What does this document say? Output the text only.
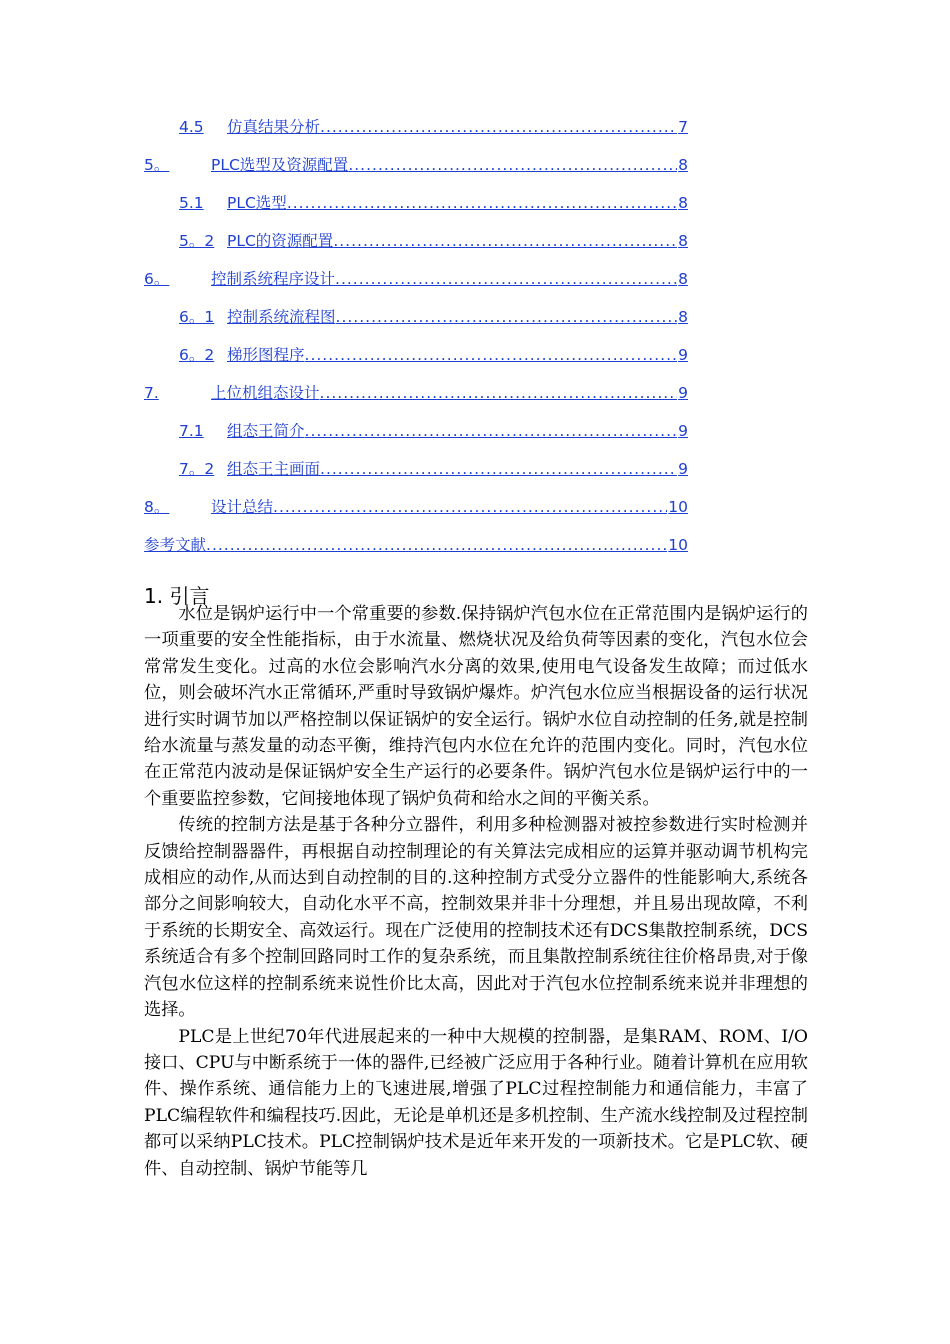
4.5	仿真结果分析 .....	7
5。	PLC选型及资源配置 .....	8
5.1	PLC选型 .....	8
5。2 PLC的资源配置 .....	8
6。	控制系统程序设计 .....	8
6。1 控制系统流程图 .....	8
6。2 梯形图程序 .....	9
7.	上位机组态设计 .....	9
7.1	组态王简介 .....	9
7。2 组态王主画面 .....	9
8。	设计总结 .....	10
参考文献 .....	10
1. 引言

水位是锅炉运行中一个常重要的参数.保持锅炉汽包水位在正常范围内是锅炉运行的一项重要的安全性能指标，由于水流量、燃烧状况及给负荷等因素的变化，汽包水位会常常发生变化。过高的水位会影响汽水分离的效果,使用电气设备发生故障；而过低水位，则会破坏汽水正常循环,严重时导致锅炉爆炸。炉汽包水位应当根据设备的运行状况进行实时调节加以严格控制以保证锅炉的安全运行。锅炉水位自动控制的任务,就是控制给水流量与蒸发量的动态平衡，维持汽包内水位在允许的范围内变化。同时，汽包水位在正常范内波动是保证锅炉安全生产运行的必要条件。锅炉汽包水位是锅炉运行中的一个重要监控参数，它间接地体现了锅炉负荷和给水之间的平衡关系。

传统的控制方法是基于各种分立器件，利用多种检测器对被控参数进行实时检测并反馈给控制器器件，再根据自动控制理论的有关算法完成相应的运算并驱动调节机构完成相应的动作,从而达到自动控制的目的.这种控制方式受分立器件的性能影响大,系统各部分之间影响较大，自动化水平不高，控制效果并非十分理想，并且易出现故障，不利于系统的长期安全、高效运行。现在广泛使用的控制技术还有DCS集散控制系统，DCS系统适合有多个控制回路同时工作的复杂系统，而且集散控制系统往往价格昂贵,对于像汽包水位这样的控制系统来说性价比太高，因此对于汽包水位控制系统来说并非理想的选择。

PLC是上世纪70年代进展起来的一种中大规模的控制器，是集RAM、ROM、I/O接口、CPU与中断系统于一体的器件,已经被广泛应用于各种行业。随着计算机在应用软件、操作系统、通信能力上的飞速进展,增强了PLC过程控制能力和通信能力，丰富了PLC编程软件和编程技巧.因此，无论是单机还是多机控制、生产流水线控制及过程控制都可以采纳PLC技术。PLC控制锅炉技术是近年来开发的一项新技术。它是PLC软、硬件、自动控制、锅炉节能等几
